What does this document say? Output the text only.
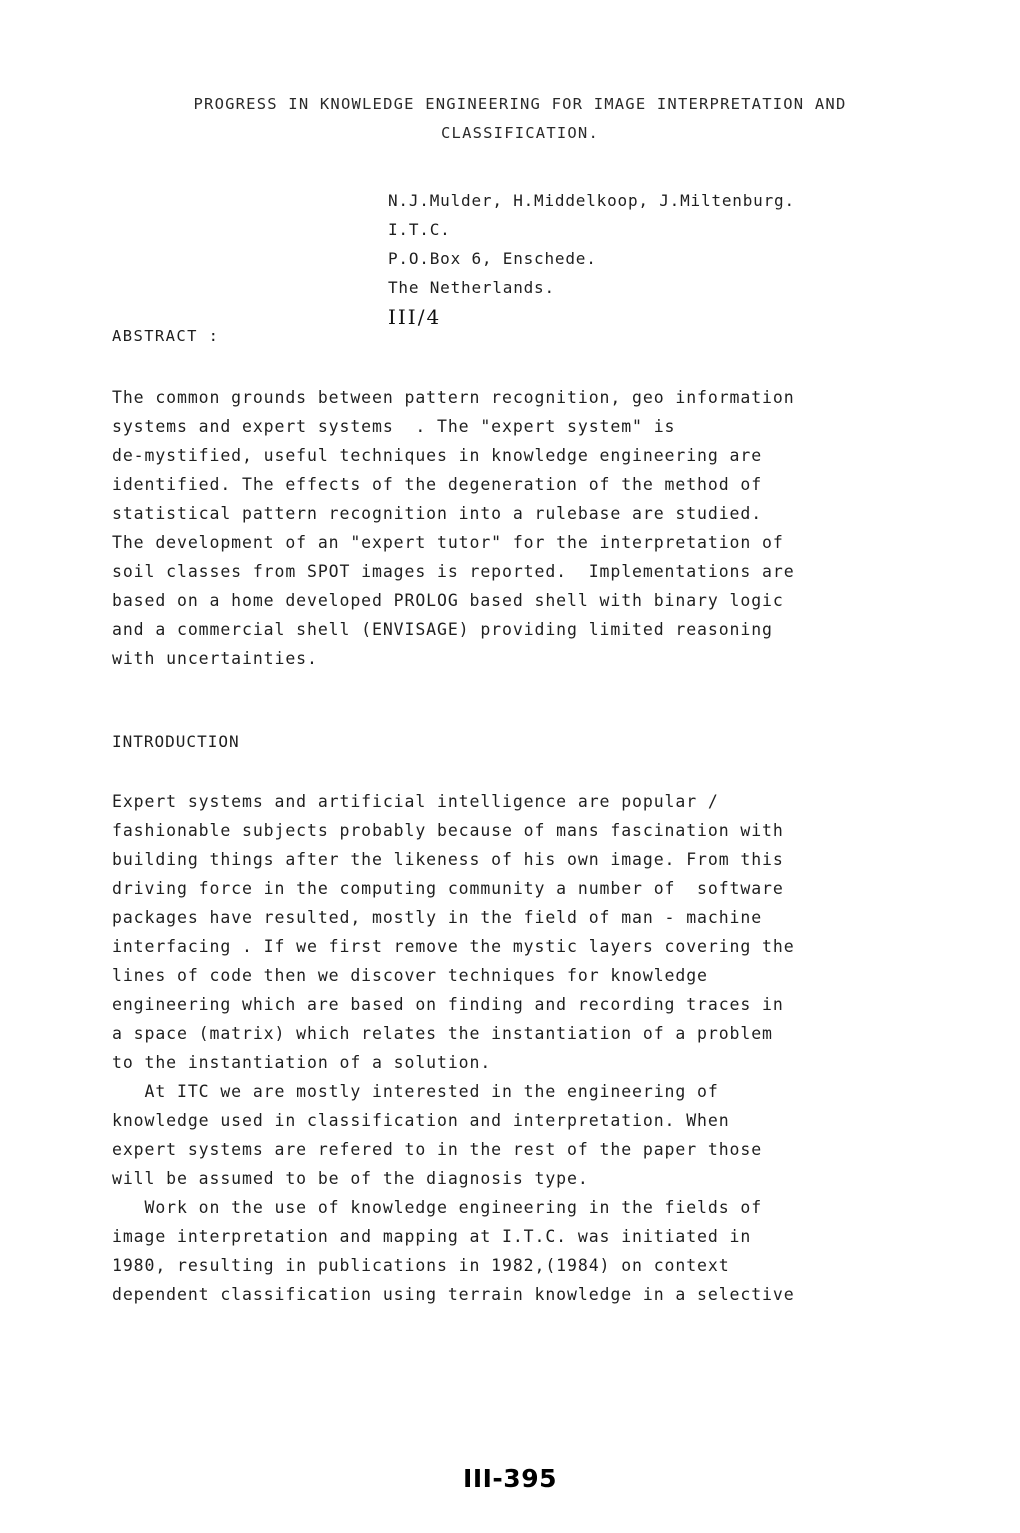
PROGRESS IN KNOWLEDGE ENGINEERING FOR IMAGE INTERPRETATION AND
CLASSIFICATION.
N.J.Mulder, H.Middelkoop, J.Miltenburg.
I.T.C.
P.O.Box 6, Enschede.
The Netherlands.
III/4
ABSTRACT :
The common grounds between pattern recognition, geo information
systems and expert systems  . The "expert system" is
de-mystified, useful techniques in knowledge engineering are
identified. The effects of the degeneration of the method of
statistical pattern recognition into a rulebase are studied.
The development of an "expert tutor" for the interpretation of
soil classes from SPOT images is reported.  Implementations are
based on a home developed PROLOG based shell with binary logic
and a commercial shell (ENVISAGE) providing limited reasoning
with uncertainties.
INTRODUCTION
Expert systems and artificial intelligence are popular /
fashionable subjects probably because of mans fascination with
building things after the likeness of his own image. From this
driving force in the computing community a number of  software
packages have resulted, mostly in the field of man - machine
interfacing . If we first remove the mystic layers covering the
lines of code then we discover techniques for knowledge
engineering which are based on finding and recording traces in
a space (matrix) which relates the instantiation of a problem
to the instantiation of a solution.
At ITC we are mostly interested in the engineering of
knowledge used in classification and interpretation. When
expert systems are refered to in the rest of the paper those
will be assumed to be of the diagnosis type.
Work on the use of knowledge engineering in the fields of
image interpretation and mapping at I.T.C. was initiated in
1980, resulting in publications in 1982,(1984) on context
dependent classification using terrain knowledge in a selective
III-395
